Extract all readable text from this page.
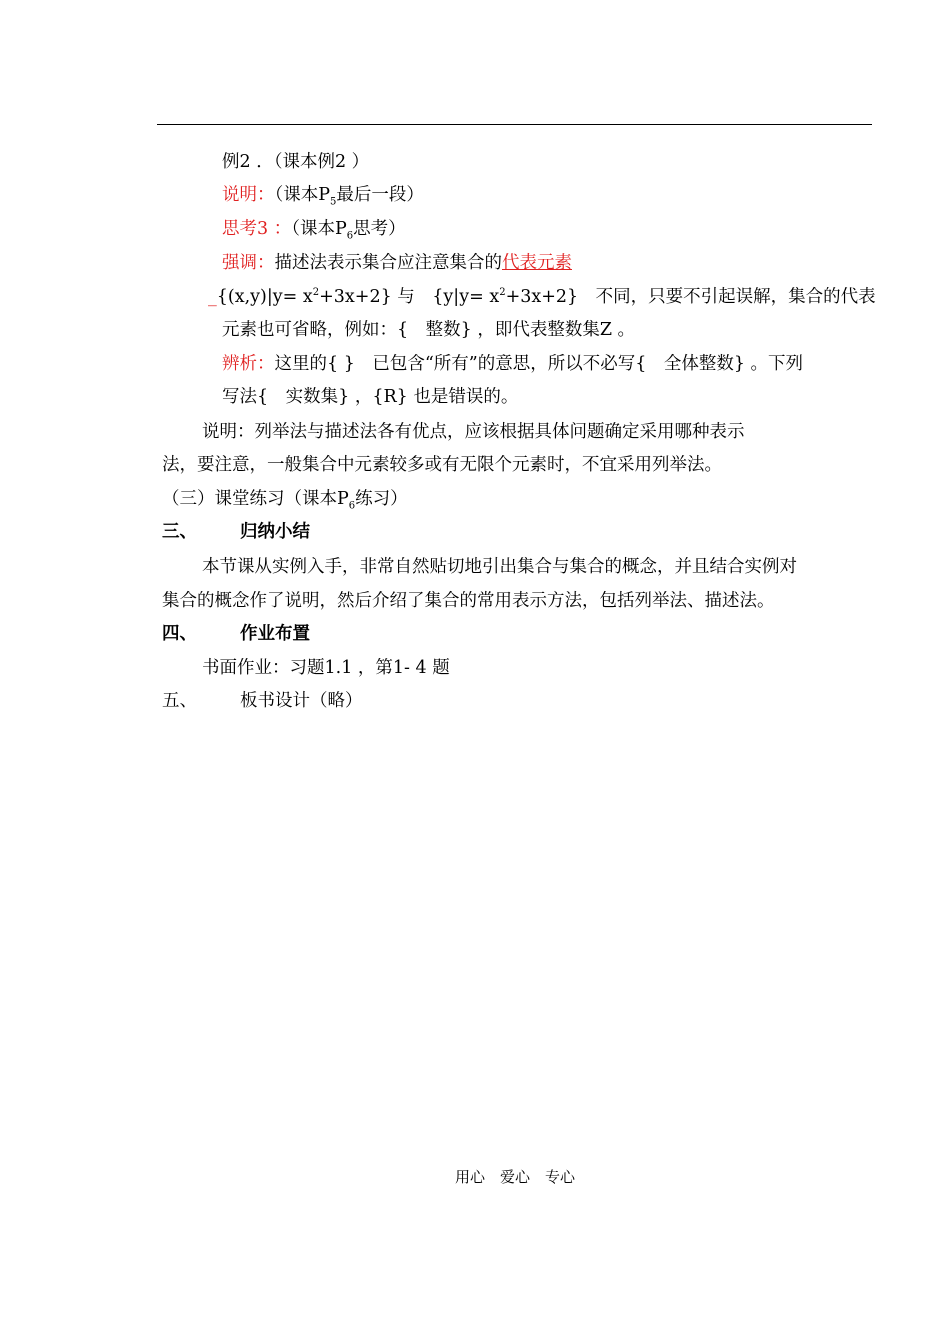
例2 ．（课本例2 ）
说明：（课本$P_5$最后一段）
思考3 ：（课本$P_6$思考）
强调：描述法表示集合应注意集合的代表元素
_{(x,y)|y= $x^2+3x+2$} 与　$\{y|y= x^2+3x+2\}$　不同，只要不引起误解，集合的代表
元素也可省略，例如：{　整数} ，即代表整数集Z 。
辨析：这里的{ }　已包含“所有”的意思，所以不必写{　全体整数} 。下列
写法{　实数集} ，{R} 也是错误的。
说明：列举法与描述法各有优点，应该根据具体问题确定采用哪种表示
法，要注意，一般集合中元素较多或有无限个元素时，不宜采用列举法。
（三）课堂练习（课本$P_6$练习）
三、 归纳小结
本节课从实例入手，非常自然贴切地引出集合与集合的概念，并且结合实例对
集合的概念作了说明，然后介绍了集合的常用表示方法，包括列举法、描述法。
四、 作业布置
书面作业：习题1.1 ，第1- 4 题
五、 板书设计（略）
用心　爱心　专心
